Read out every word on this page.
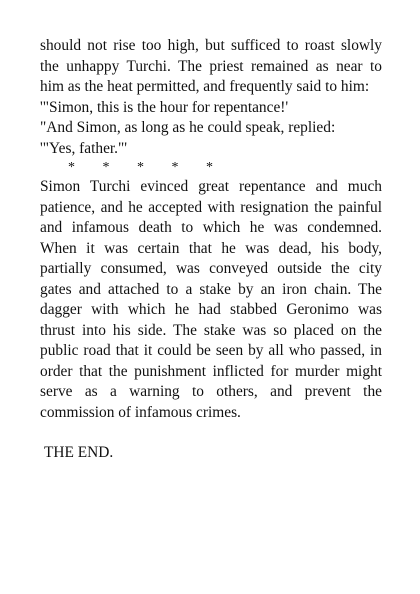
should not rise too high, but sufficed to roast slowly

the unhappy Turchi. The priest remained as near to

him as the heat permitted, and frequently said to him:

'"Simon, this is the hour for repentance!'

"And Simon, as long as he could speak, replied:

'"Yes, father."'

* * * * *

Simon Turchi evinced great repentance and much

patience, and he accepted with resignation the painful

and infamous death to which he was condemned.

When it was certain that he was dead, his body,

partially consumed, was conveyed outside the city

gates and attached to a stake by an iron chain. The

dagger with which he had stabbed Geronimo was

thrust into his side. The stake was so placed on the

public road that it could be seen by all who passed, in

order that the punishment inflicted for murder might

serve as a warning to others, and prevent the

commission of infamous crimes.

THE END.
